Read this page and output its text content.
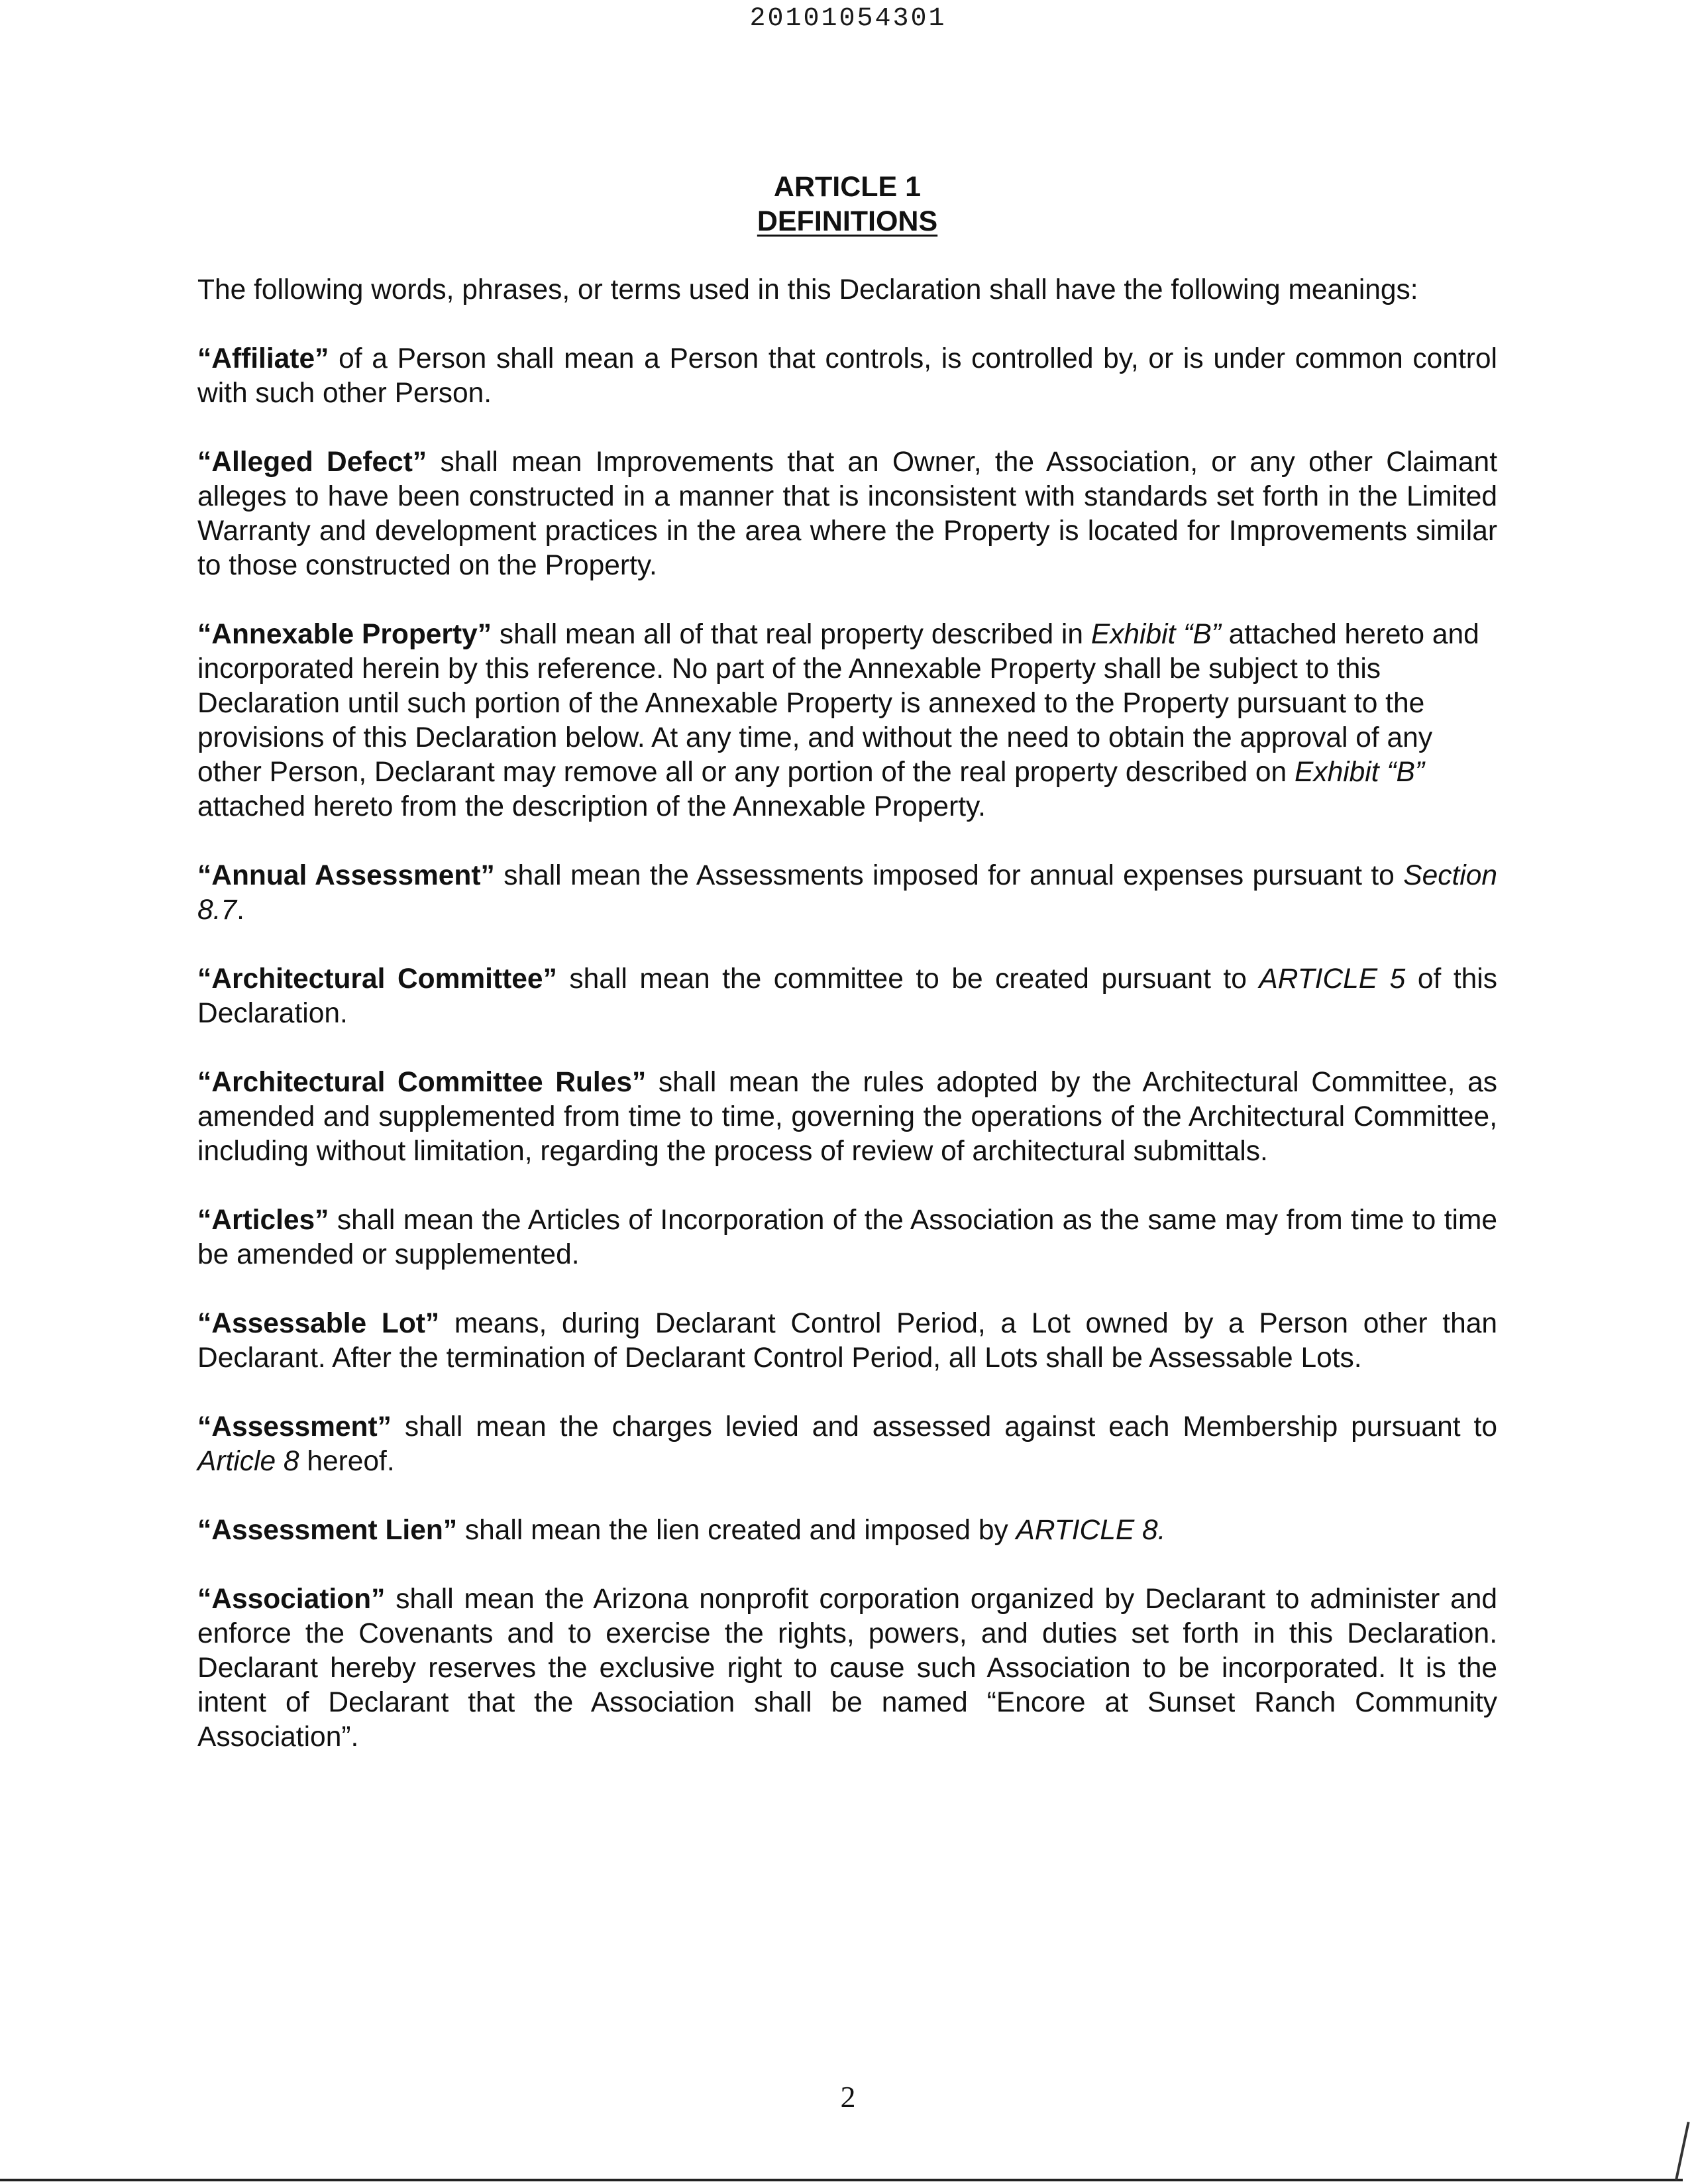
20101054301
ARTICLE 1
DEFINITIONS

The following words, phrases, or terms used in this Declaration shall have the following meanings:

“Affiliate” of a Person shall mean a Person that controls, is controlled by, or is under common control with such other Person.

“Alleged Defect” shall mean Improvements that an Owner, the Association, or any other Claimant alleges to have been constructed in a manner that is inconsistent with standards set forth in the Limited Warranty and development practices in the area where the Property is located for Improvements similar to those constructed on the Property.

“Annexable Property” shall mean all of that real property described in Exhibit “B” attached hereto and incorporated herein by this reference. No part of the Annexable Property shall be subject to this Declaration until such portion of the Annexable Property is annexed to the Property pursuant to the provisions of this Declaration below. At any time, and without the need to obtain the approval of any other Person, Declarant may remove all or any portion of the real property described on Exhibit “B” attached hereto from the description of the Annexable Property.

“Annual Assessment” shall mean the Assessments imposed for annual expenses pursuant to Section 8.7.

“Architectural Committee” shall mean the committee to be created pursuant to ARTICLE 5 of this Declaration.

“Architectural Committee Rules” shall mean the rules adopted by the Architectural Committee, as amended and supplemented from time to time, governing the operations of the Architectural Committee, including without limitation, regarding the process of review of architectural submittals.

“Articles” shall mean the Articles of Incorporation of the Association as the same may from time to time be amended or supplemented.

“Assessable Lot” means, during Declarant Control Period, a Lot owned by a Person other than Declarant. After the termination of Declarant Control Period, all Lots shall be Assessable Lots.

“Assessment” shall mean the charges levied and assessed against each Membership pursuant to Article 8 hereof.

“Assessment Lien” shall mean the lien created and imposed by ARTICLE 8.

“Association” shall mean the Arizona nonprofit corporation organized by Declarant to administer and enforce the Covenants and to exercise the rights, powers, and duties set forth in this Declaration. Declarant hereby reserves the exclusive right to cause such Association to be incorporated. It is the intent of Declarant that the Association shall be named “Encore at Sunset Ranch Community Association”.

2
